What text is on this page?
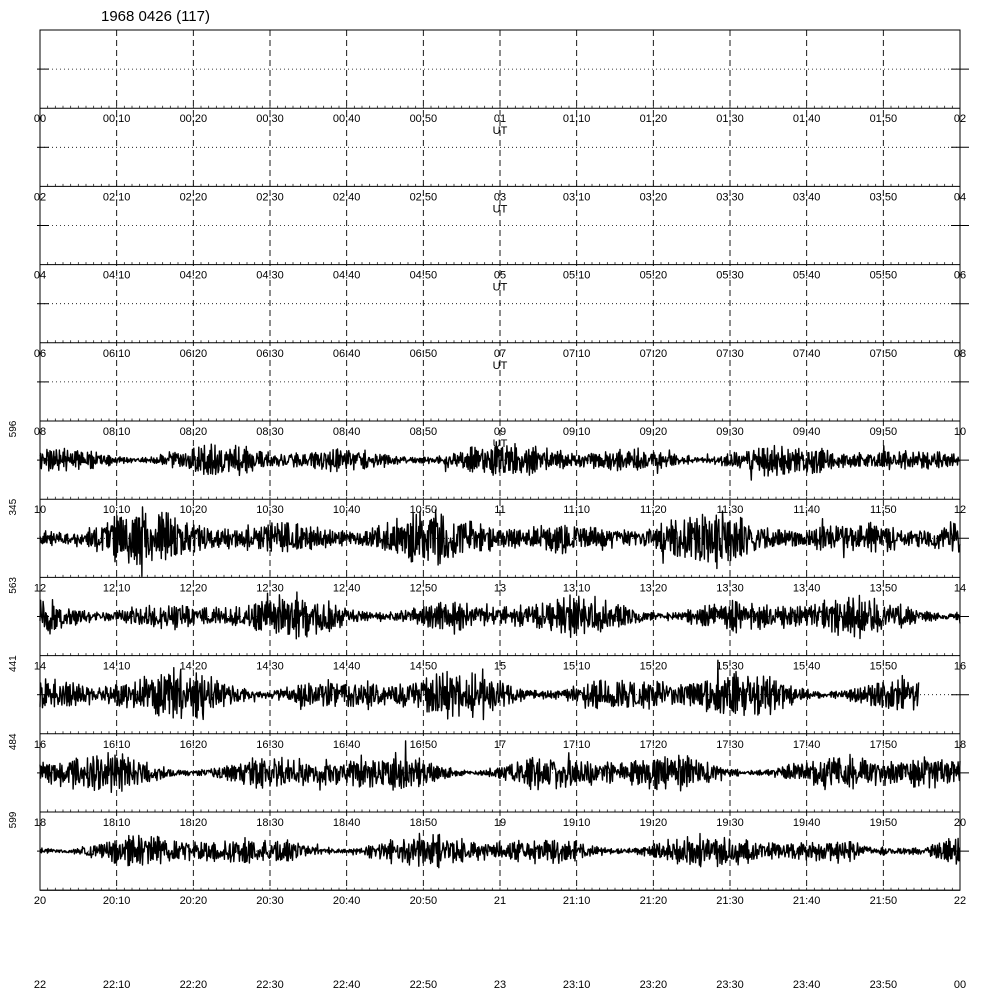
1968 0426 (117)
596
345
563
441
484
599
00	00:10	00:20	00:30	00:40	00:50	01	01:10	01:20	01:30	01:40	01:50	02
UT
02	02:10	02:20	02:30	02:40	02:50	03	03:10	03:20	03:30	03:40	03:50	04
UT
04	04:10	04:20	04:30	04:40	04:50	05	05:10	05:20	05:30	05:40	05:50	06
UT
06	06:10	06:20	06:30	06:40	06:50	07	07:10	07:20	07:30	07:40	07:50	08
UT
08	08:10	08:20	08:30	08:40	08:50	09	09:10	09:20	09:30	09:40	09:50	10
UT
10	10:10	10:20	10:30	10:40	10:50	11	11:10	11:20	11:30	11:40	11:50	12
12	12:10	12:20	12:30	12:40	12:50	13	13:10	13:20	13:30	13:40	13:50	14
14	14:10	14:20	14:30	14:40	14:50	15	15:10	15:20	15:30	15:40	15:50	16
16	16:10	16:20	16:30	16:40	16:50	17	17:10	17:20	17:30	17:40	17:50	18
18	18:10	18:20	18:30	18:40	18:50	19	19:10	19:20	19:30	19:40	19:50	20
20	20:10	20:20	20:30	20:40	20:50	21	21:10	21:20	21:30	21:40	21:50	22
22	22:10	22:20	22:30	22:40	22:50	23	23:10	23:20	23:30	23:40	23:50	00
